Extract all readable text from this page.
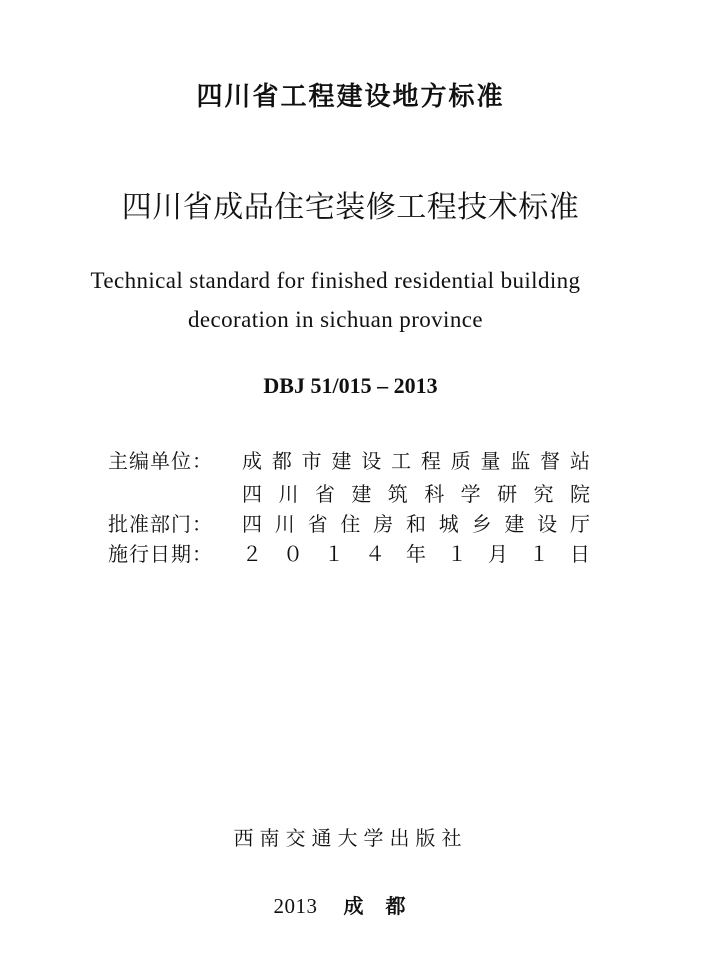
四川省工程建设地方标准
四川省成品住宅装修工程技术标准
Technical standard for finished residential building
decoration in sichuan province
DBJ 51/015 – 2013
主编单位： 成 都 市 建 设 工 程 质 量 监 督 站
四 川 省 建 筑 科 学 研 究 院
批准部门： 四 川 省 住 房 和 城 乡 建 设 厅
施行日期： ２ ０ １ ４ 年 １ 月 １ 日
西南交通大学出版社
2013 成都
